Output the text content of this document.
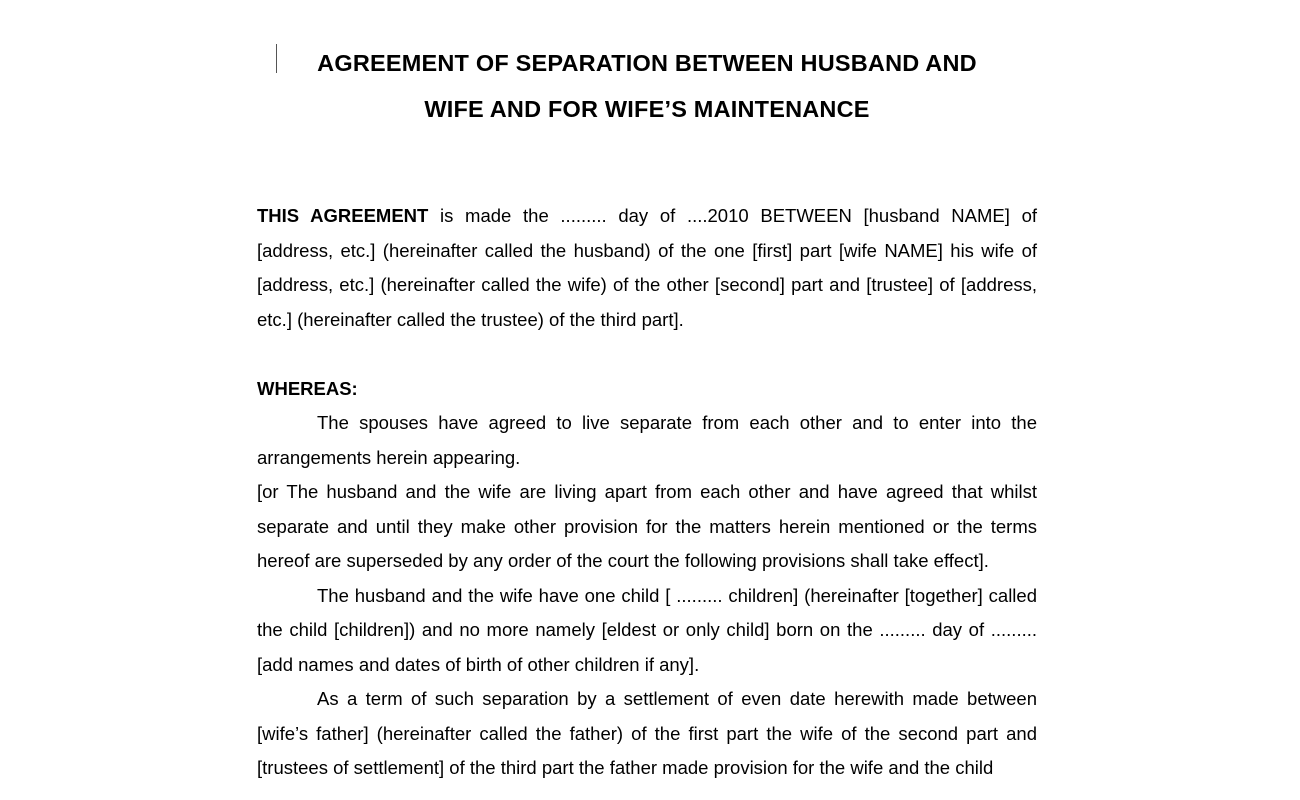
AGREEMENT OF SEPARATION BETWEEN HUSBAND AND
WIFE AND FOR WIFE’S MAINTENANCE

THIS AGREEMENT is made the ......... day of ....2010 BETWEEN [husband NAME] of [address, etc.] (hereinafter called the husband) of the one [first] part [wife NAME] his wife of [address, etc.] (hereinafter called the wife) of the other [second] part and [trustee] of [address, etc.] (hereinafter called the trustee) of the third part].

WHEREAS:

The spouses have agreed to live separate from each other and to enter into the arrangements herein appearing.

[or The husband and the wife are living apart from each other and have agreed that whilst separate and until they make other provision for the matters herein mentioned or the terms hereof are superseded by any order of the court the following provisions shall take effect].

The husband and the wife have one child [ ......... children] (hereinafter [together] called the child [children]) and no more namely [eldest or only child] born on the ......... day of ......... [add names and dates of birth of other children if any].

As a term of such separation by a settlement of even date herewith made between [wife’s father] (hereinafter called the father) of the first part the wife of the second part and [trustees of settlement] of the third part the father made provision for the wife and the child
